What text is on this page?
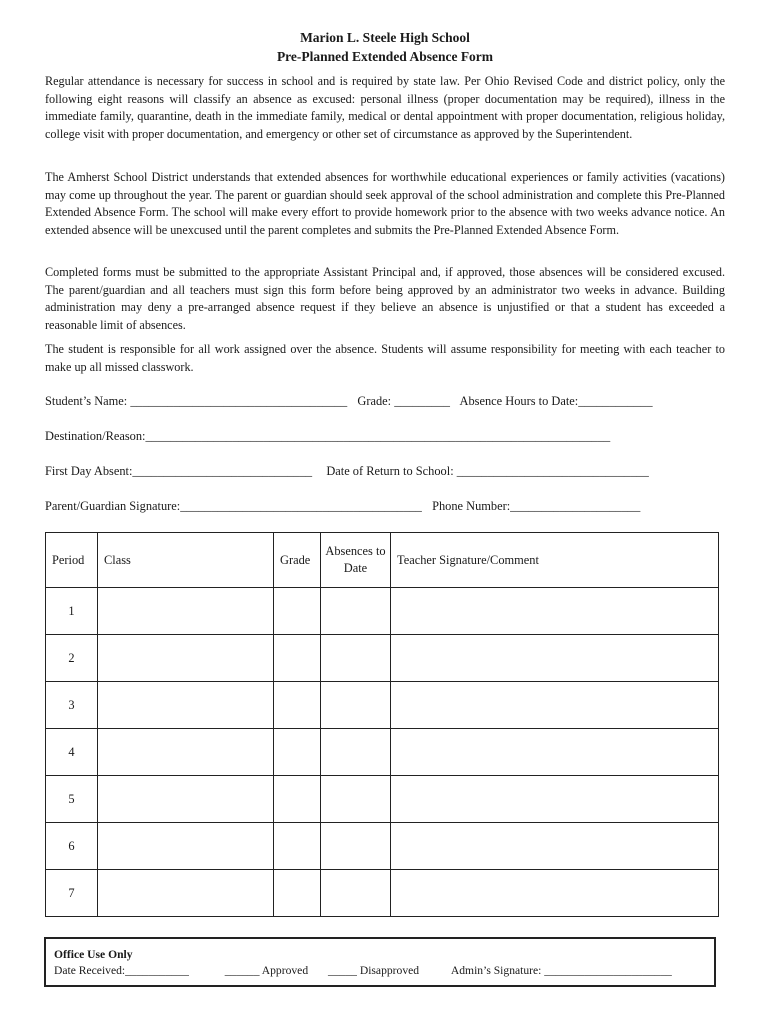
Marion L. Steele High School
Pre-Planned Extended Absence Form

Regular attendance is necessary for success in school and is required by state law. Per Ohio Revised Code and district policy, only the following eight reasons will classify an absence as excused: personal illness (proper documentation may be required), illness in the immediate family, quarantine, death in the immediate family, medical or dental appointment with proper documentation, religious holiday, college visit with proper documentation, and emergency or other set of circumstance as approved by the Superintendent.

The Amherst School District understands that extended absences for worthwhile educational experiences or family activities (vacations) may come up throughout the year. The parent or guardian should seek approval of the school administration and complete this Pre-Planned Extended Absence Form. The school will make every effort to provide homework prior to the absence with two weeks advance notice. An extended absence will be unexcused until the parent completes and submits the Pre-Planned Extended Absence Form.

Completed forms must be submitted to the appropriate Assistant Principal and, if approved, those absences will be considered excused. The parent/guardian and all teachers must sign this form before being approved by an administrator two weeks in advance. Building administration may deny a pre-arranged absence request if they believe an absence is unjustified or that a student has exceeded a reasonable limit of absences.

The student is responsible for all work assigned over the absence. Students will assume responsibility for meeting with each teacher to make up all missed classwork.

Student’s Name: ___________________________________ Grade: _________ Absence Hours to Date:____________
Destination/Reason:___________________________________________________________________________
First Day Absent:_____________________________ Date of Return to School: _______________________________
Parent/Guardian Signature:_______________________________________ Phone Number:_____________________
Period	Class	Grade	Absences to Date	Teacher Signature/Comment
1				
2				
3				
4				
5				
6				
7				
Office Use Only
Date Received:___________	______ Approved _____ Disapproved	Admin’s Signature: ______________________
